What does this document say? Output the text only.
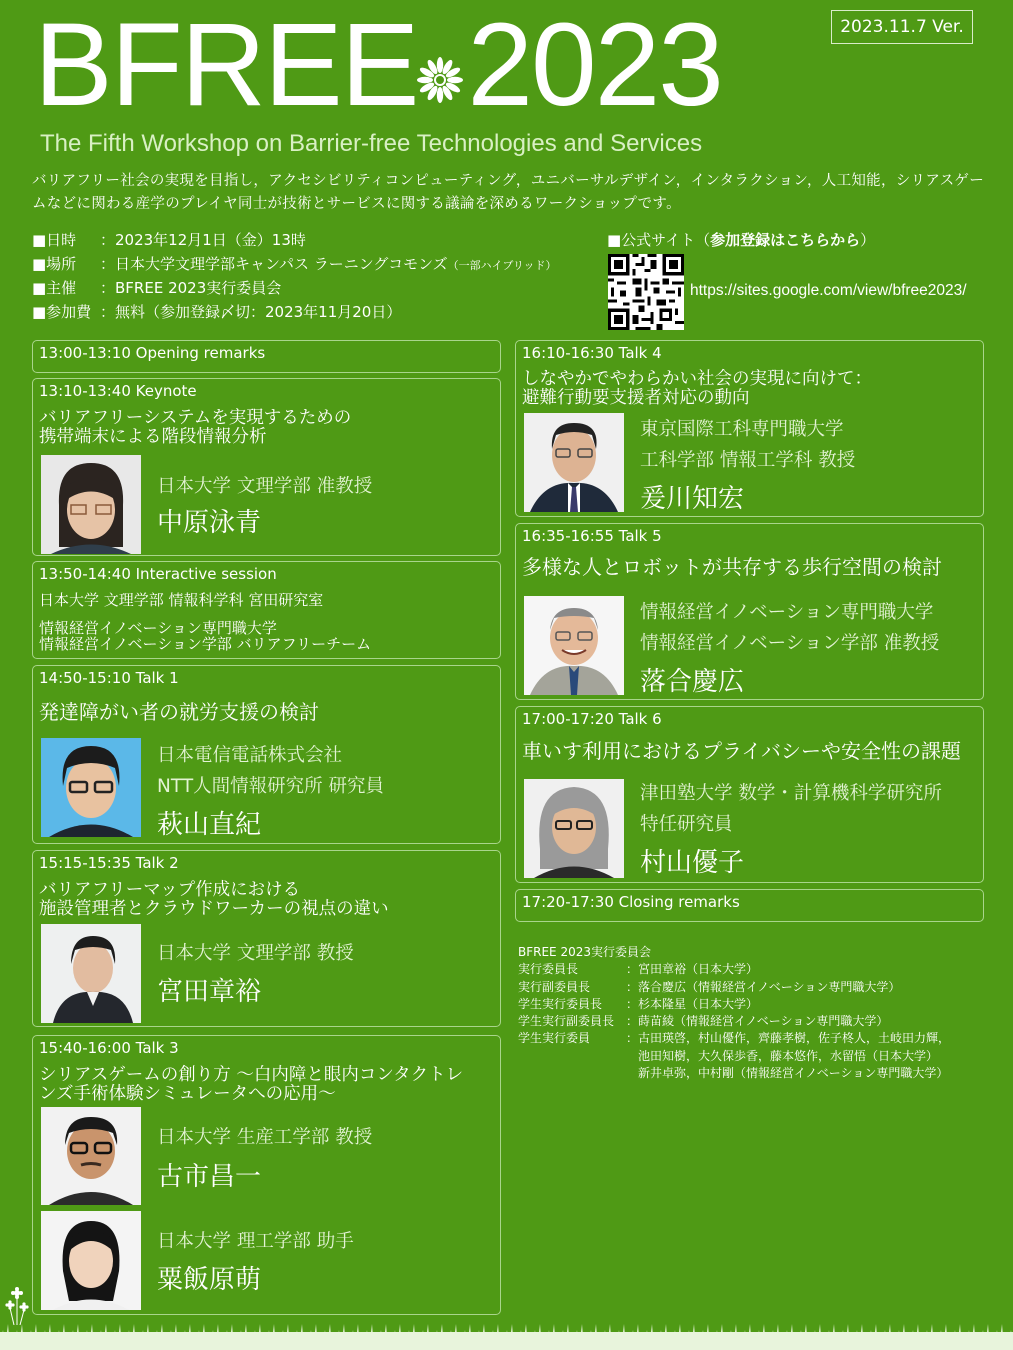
2023.11.7 Ver.
BFREE 2023
The Fifth Workshop on Barrier-free Technologies and Services
バリアフリー社会の実現を目指し，アクセシビリティコンピューティング，ユニバーサルデザイン，インタラクション，人工知能，シリアスゲームなどに関わる産学のプレイヤ同士が技術とサービスに関する議論を深めるワークショップです。
■日時 ：2023年12月1日（金）13時
■場所 ：日本大学文理学部キャンパス ラーニングコモンズ（一部ハイブリッド）
■主催 ：BFREE 2023実行委員会
■参加費 ：無料（参加登録〆切：2023年11月20日）
■公式サイト（参加登録はこちらから）
https://sites.google.com/view/bfree2023/
13:00-13:10 Opening remarks
13:10-13:40 Keynote
バリアフリーシステムを実現するための
携帯端末による階段情報分析
日本大学 文理学部 准教授
中原泳青
13:50-14:40 Interactive session
日本大学 文理学部 情報科学科 宮田研究室
情報経営イノベーション専門職大学
情報経営イノベーション学部 バリアフリーチーム
14:50-15:10 Talk 1
発達障がい者の就労支援の検討
日本電信電話株式会社
NTT人間情報研究所 研究員
萩山直紀
15:15-15:35 Talk 2
バリアフリーマップ作成における
施設管理者とクラウドワーカーの視点の違い
日本大学 文理学部 教授
宮田章裕
15:40-16:00 Talk 3
シリアスゲームの創り方 ～白内障と眼内コンタクトレ
ンズ手術体験シミュレータへの応用～
日本大学 生産工学部 教授
古市昌一
日本大学 理工学部 助手
粟飯原萌
16:10-16:30 Talk 4
しなやかでやわらかい社会の実現に向けて：
避難行動要支援者対応の動向
東京国際工科専門職大学
工科学部 情報工学科 教授
爰川知宏
16:35-16:55 Talk 5
多様な人とロボットが共存する歩行空間の検討
情報経営イノベーション専門職大学
情報経営イノベーション学部 准教授
落合慶広
17:00-17:20 Talk 6
車いす利用におけるプライバシーや安全性の課題
津田塾大学 数学・計算機科学研究所
特任研究員
村山優子
17:20-17:30 Closing remarks
BFREE 2023実行委員会
実行委員長	：宮田章裕（日本大学）
実行副委員長	：落合慶広（情報経営イノベーション専門職大学）
学生実行委員長 ：杉本隆星（日本大学）
学生実行副委員長 ：蒔苗綾（情報経営イノベーション専門職大学）
学生実行委員	：古田瑛啓，村山優作，齊藤孝樹，佐子柊人，土岐田力輝，
池田知樹，大久保歩香，藤本悠作，水留悟（日本大学）
新井卓弥，中村剛（情報経営イノベーション専門職大学）
